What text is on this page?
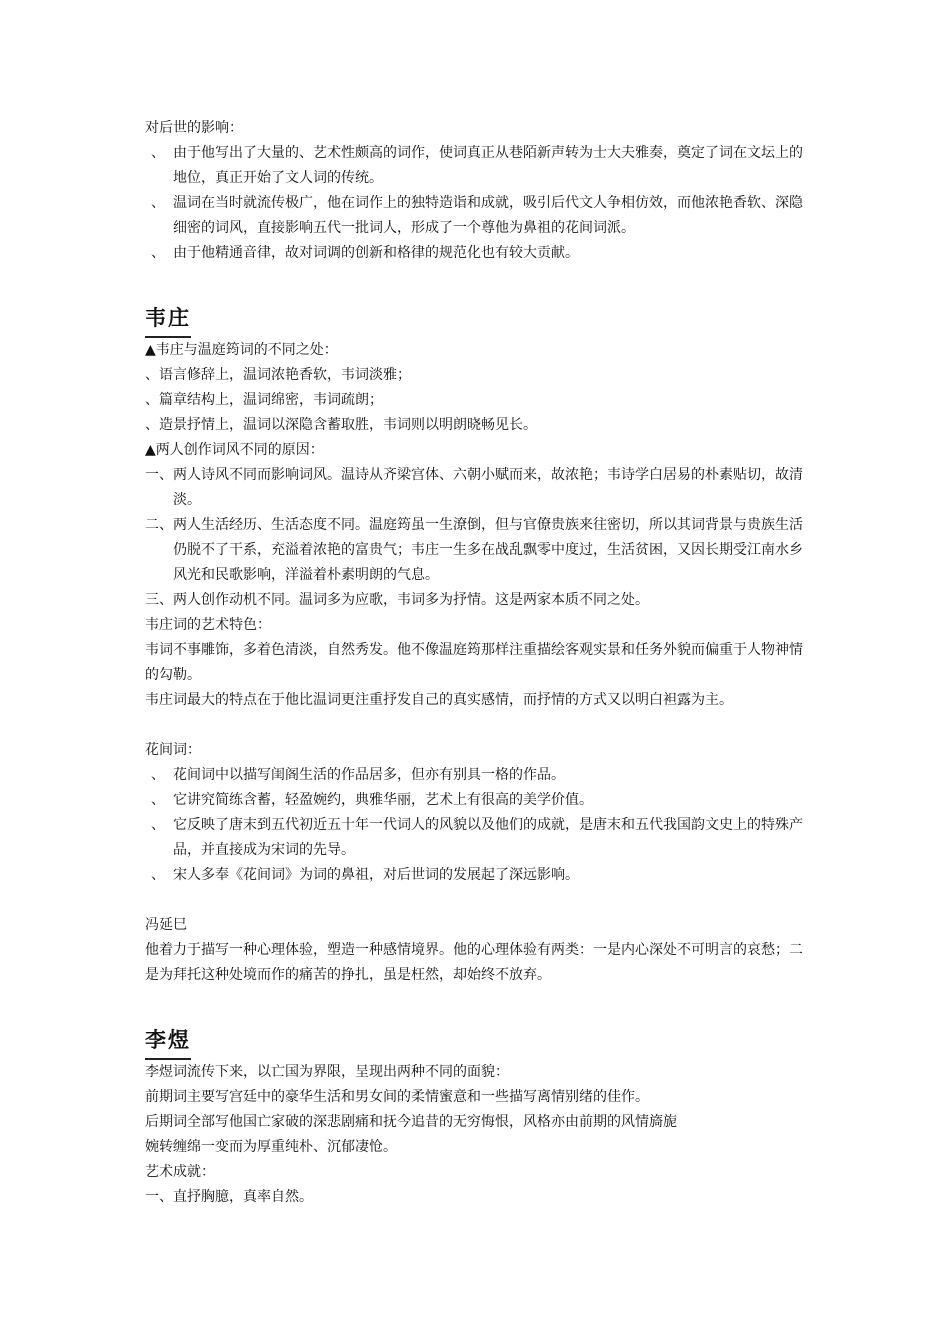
对后世的影响：
、 由于他写出了大量的、艺术性颇高的词作，使词真正从巷陌新声转为士大夫雅奏，奠定了词在文坛上的地位，真正开始了文人词的传统。
、 温词在当时就流传极广，他在词作上的独特造诣和成就，吸引后代文人争相仿效，而他浓艳香软、深隐细密的词风，直接影响五代一批词人，形成了一个尊他为鼻祖的花间词派。
、 由于他精通音律，故对词调的创新和格律的规范化也有较大贡献。
韦庄
▲韦庄与温庭筠词的不同之处：
、语言修辞上，温词浓艳香软，韦词淡雅；
、篇章结构上，温词绵密，韦词疏朗；
、造景抒情上，温词以深隐含蓄取胜，韦词则以明朗晓畅见长。
▲两人创作词风不同的原因：
一、两人诗风不同而影响词风。温诗从齐梁宫体、六朝小赋而来，故浓艳；韦诗学白居易的朴素贴切，故清淡。
二、两人生活经历、生活态度不同。温庭筠虽一生潦倒，但与官僚贵族来往密切，所以其词背景与贵族生活仍脱不了干系，充溢着浓艳的富贵气；韦庄一生多在战乱飘零中度过，生活贫困，又因长期受江南水乡风光和民歌影响，洋溢着朴素明朗的气息。
三、两人创作动机不同。温词多为应歌，韦词多为抒情。这是两家本质不同之处。
韦庄词的艺术特色：
韦词不事雕饰，多着色清淡，自然秀发。他不像温庭筠那样注重描绘客观实景和任务外貌而偏重于人物神情的勾勒。
韦庄词最大的特点在于他比温词更注重抒发自己的真实感情，而抒情的方式又以明白袒露为主。
花间词：
、 花间词中以描写闺阁生活的作品居多，但亦有别具一格的作品。
、 它讲究简练含蓄，轻盈婉约，典雅华丽，艺术上有很高的美学价值。
、 它反映了唐末到五代初近五十年一代词人的风貌以及他们的成就，是唐末和五代我国韵文史上的特殊产品，并直接成为宋词的先导。
、 宋人多奉《花间词》为词的鼻祖，对后世词的发展起了深远影响。
冯延巳
他着力于描写一种心理体验，塑造一种感情境界。他的心理体验有两类：一是内心深处不可明言的哀愁；二是为拜托这种处境而作的痛苦的挣扎，虽是枉然，却始终不放弃。
李煜
李煜词流传下来，以亡国为界限，呈现出两种不同的面貌：
前期词主要写宫廷中的豪华生活和男女间的柔情蜜意和一些描写离情别绪的佳作。
后期词全部写他国亡家破的深悲剧痛和抚今追昔的无穷悔恨，风格亦由前期的风情旖旎
婉转缠绵一变而为厚重纯朴、沉郁凄怆。
艺术成就：
一、直抒胸臆，真率自然。
